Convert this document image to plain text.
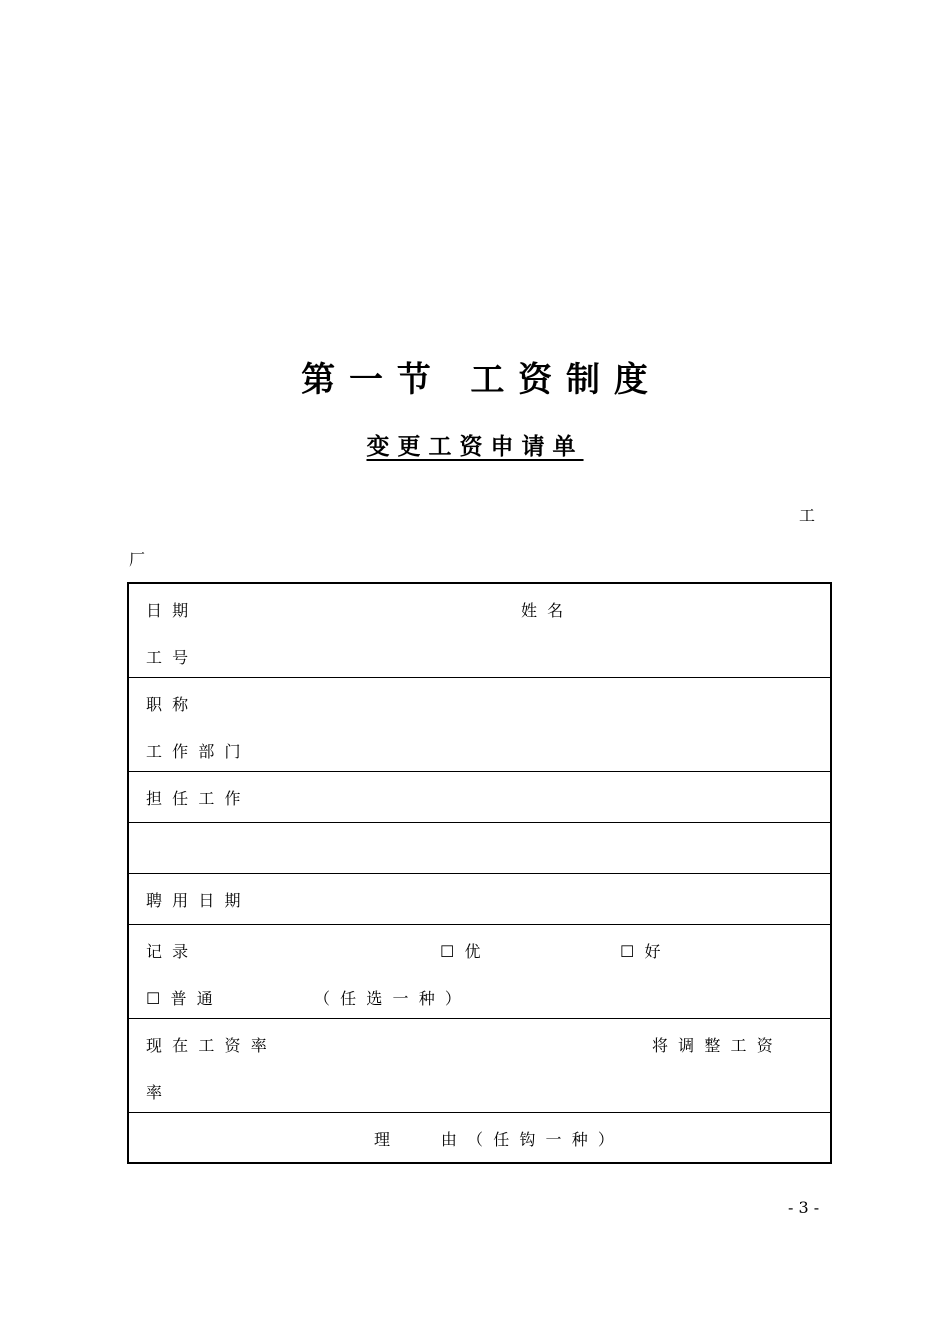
第 一 节   工 资 制 度
变 更 工 资 申 请 单
工
厂
日  期	姓  名
工  号
职  称
工  作  部  门
担  任  工  作
聘  用  日  期
记  录	☐  优	☐  好
☐  普  通	（  任  选  一  种  ）
现  在  工  资  率	将  调  整  工  资
率
理          由  （  任  钩  一  种  ）
- 3 -
